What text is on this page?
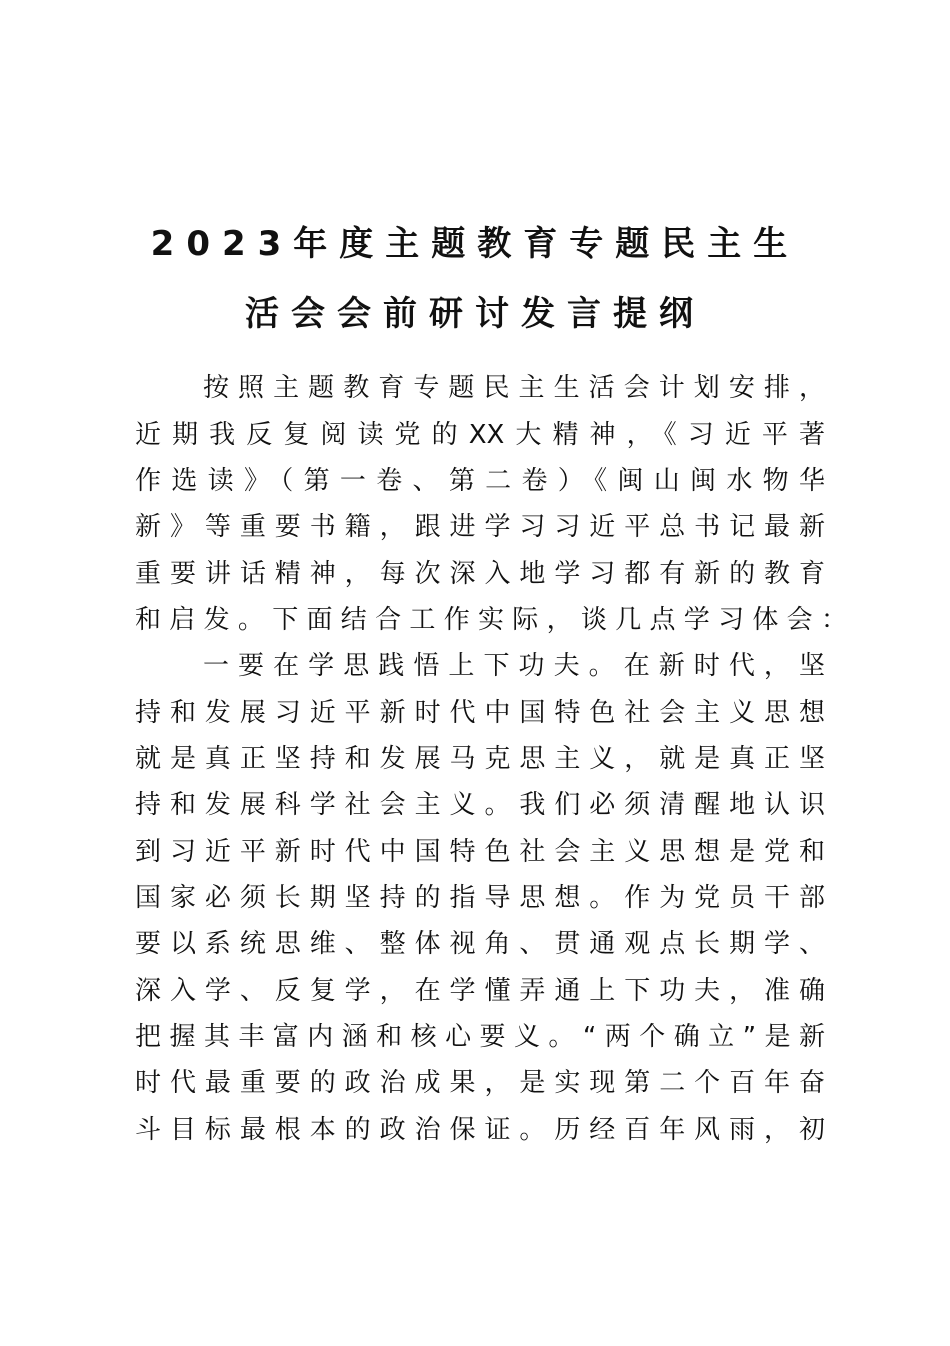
2023年度主题教育专题民主生
活会会前研讨发言提纲
按照主题教育专题民主生活会计划安排，
近期我反复阅读党的XX大精神，《习近平著
作选读》（第一卷、第二卷）《闽山闽水物华
新》等重要书籍，跟进学习习近平总书记最新
重要讲话精神，每次深入地学习都有新的教育
和启发。下面结合工作实际，谈几点学习体会：
一要在学思践悟上下功夫。在新时代，坚
持和发展习近平新时代中国特色社会主义思想
就是真正坚持和发展马克思主义，就是真正坚
持和发展科学社会主义。我们必须清醒地认识
到习近平新时代中国特色社会主义思想是党和
国家必须长期坚持的指导思想。作为党员干部
要以系统思维、整体视角、贯通观点长期学、
深入学、反复学，在学懂弄通上下功夫，准确
把握其丰富内涵和核心要义。“两个确立”是新
时代最重要的政治成果，是实现第二个百年奋
斗目标最根本的政治保证。历经百年风雨，初
